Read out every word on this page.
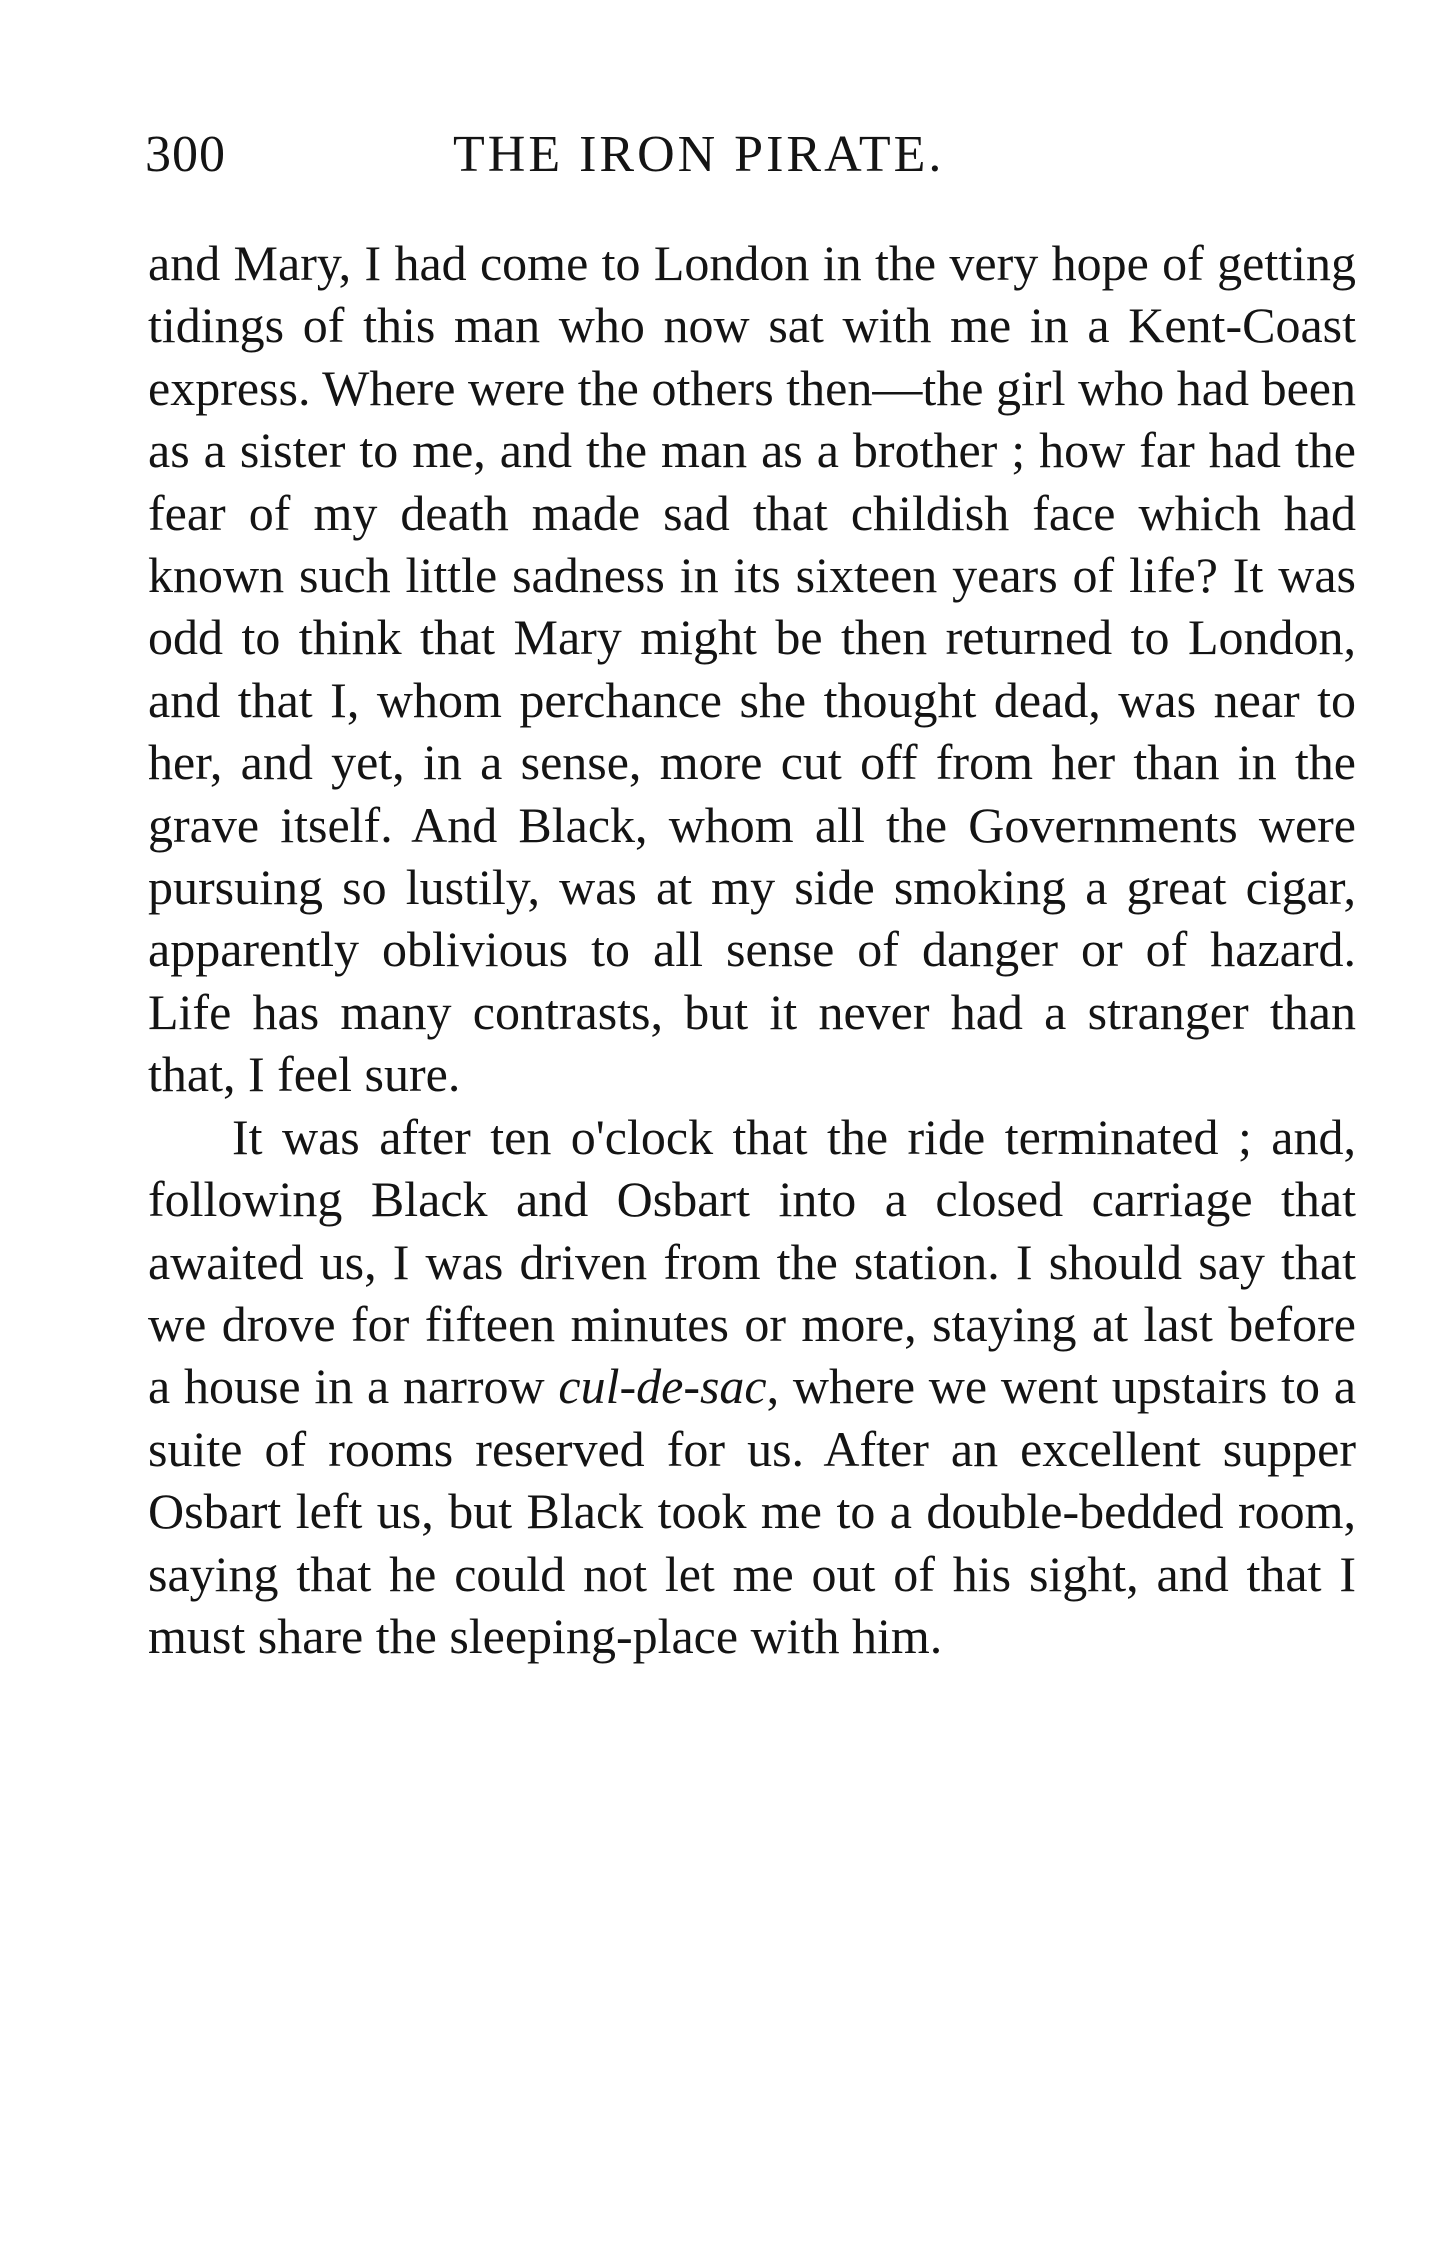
300	THE IRON PIRATE.

and Mary, I had come to London in the very hope of getting tidings of this man who now sat with me in a Kent-Coast express. Where were the others then—the girl who had been as a sister to me, and the man as a brother ; how far had the fear of my death made sad that childish face which had known such little sadness in its sixteen years of life? It was odd to think that Mary might be then returned to London, and that I, whom perchance she thought dead, was near to her, and yet, in a sense, more cut off from her than in the grave itself. And Black, whom all the Governments were pursuing so lustily, was at my side smoking a great cigar, apparently oblivious to all sense of danger or of hazard. Life has many contrasts, but it never had a stranger than that, I feel sure.

It was after ten o'clock that the ride terminated ; and, following Black and Osbart into a closed carriage that awaited us, I was driven from the station. I should say that we drove for fifteen minutes or more, staying at last before a house in a narrow cul-de-sac, where we went upstairs to a suite of rooms reserved for us. After an excellent supper Osbart left us, but Black took me to a double-bedded room, saying that he could not let me out of his sight, and that I must share the sleeping-place with him.
